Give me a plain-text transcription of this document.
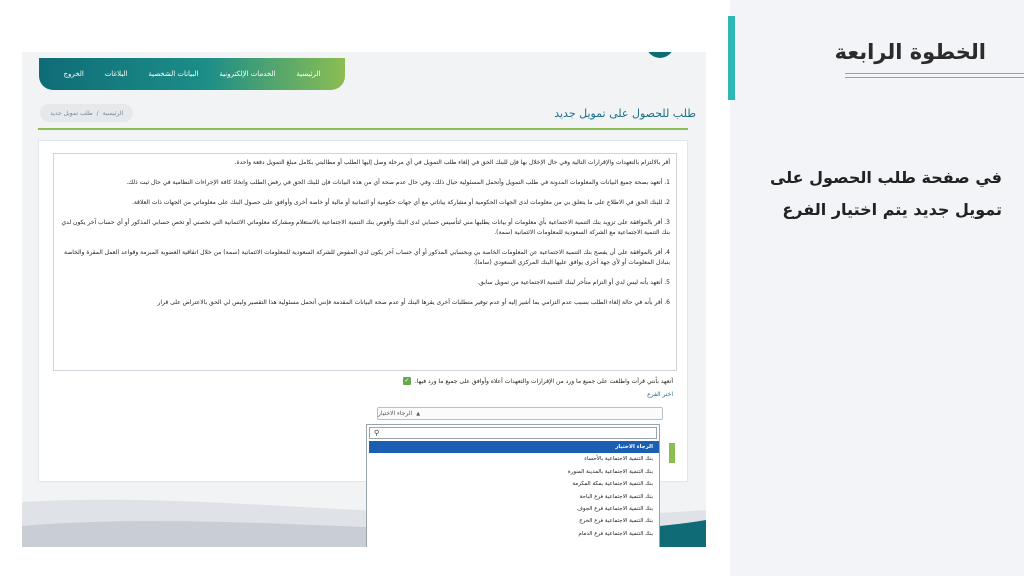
الخطوة الرابعة
في صفحة طلب الحصول على تمويل جديد يتم اختيار الفرع
الرئيسية
الخدمات الإلكترونية
البيانات الشخصية
البلاغات
الخروج
طلب للحصول على تمويل جديد
الرئيسية
/
طلب تمويل جديد

أقر بالالتزام بالتعهدات والإقرارات التالية وفي حال الإخلال بها فإن للبنك الحق في إلغاء طلب التمويل في أي مرحلة وصل إليها الطلب أو مطالبتي بكامل مبلغ التمويل دفعة واحدة.

1. أتعهد بصحة جميع البيانات والمعلومات المدونة في طلب التمويل وأتحمل المسئولية حيال ذلك، وفي حال عدم صحة أي من هذه البيانات فإن للبنك الحق في رفض الطلب واتخاذ كافة الإجراءات النظامية في حال ثبت ذلك.

2. للبنك الحق في الاطلاع على ما يتعلق بي من معلومات لدى الجهات الحكومية أو مشاركة بياناتي مع أي جهات حكومية أو ائتمانية أو مالية أو خاصة أخرى وأوافق على حصول البنك على معلوماتي من الجهات ذات العلاقة.

3. أقر بالموافقة على تزويد بنك التنمية الاجتماعية بأي معلومات أو بيانات يطلبها مني لتأسيس حسابي لدى البنك وأفوض بنك التنمية الاجتماعية بالاستعلام ومشاركة معلوماتي الائتمانية التي تخصني أو تخص حسابي المذكور أو أي حساب آخر يكون لدي بنك التنمية الاجتماعية مع الشركة السعودية للمعلومات الائتمانية (سمة).

4. أقر بالموافقة على أن يفصح بنك التنمية الاجتماعية عن المعلومات الخاصة بي وبحسابي المذكور أو أي حساب آخر يكون لدي المفوض للشركة السعودية للمعلومات الائتمانية (سمة) من خلال اتفاقية العضوية المبرمة وقواعد العمل المقرة والخاصة بتبادل المعلومات أو لأي جهة أخرى يوافق عليها البنك المركزي السعودي (ساما).

5. أتعهد بأنه ليس لدي أو التزام متأخر لبنك التنمية الاجتماعية من تمويل سابق.

6. أقر بأنه في حالة إلغاء الطلب بسبب عدم التزامي بما أشير إليه أو عدم توفير متطلبات أخرى يقرها البنك أو عدم صحة البيانات المقدمة فإنني أتحمل مسئولية هذا التقصير وليس لي الحق بالاعتراض على قرار

✓ أتعهد بأنني قرأت واطلعت على جميع ما ورد من الإقرارات والتعهدات أعلاه وأوافق على جميع ما ورد فيها.
اختر الفرع
الرجاء الاختيار ▲
⚲
الرجاء الاختيار
بنك التنمية الاجتماعية بالأحساء
بنك التنمية الاجتماعية بالمدينة المنورة
بنك التنمية الاجتماعية بمكة المكرمة
بنك التنمية الاجتماعية فرع الباحة
بنك التنمية الاجتماعية فرع الجوف
بنك التنمية الاجتماعية فرع الخرج
بنك التنمية الاجتماعية فرع الدمام
